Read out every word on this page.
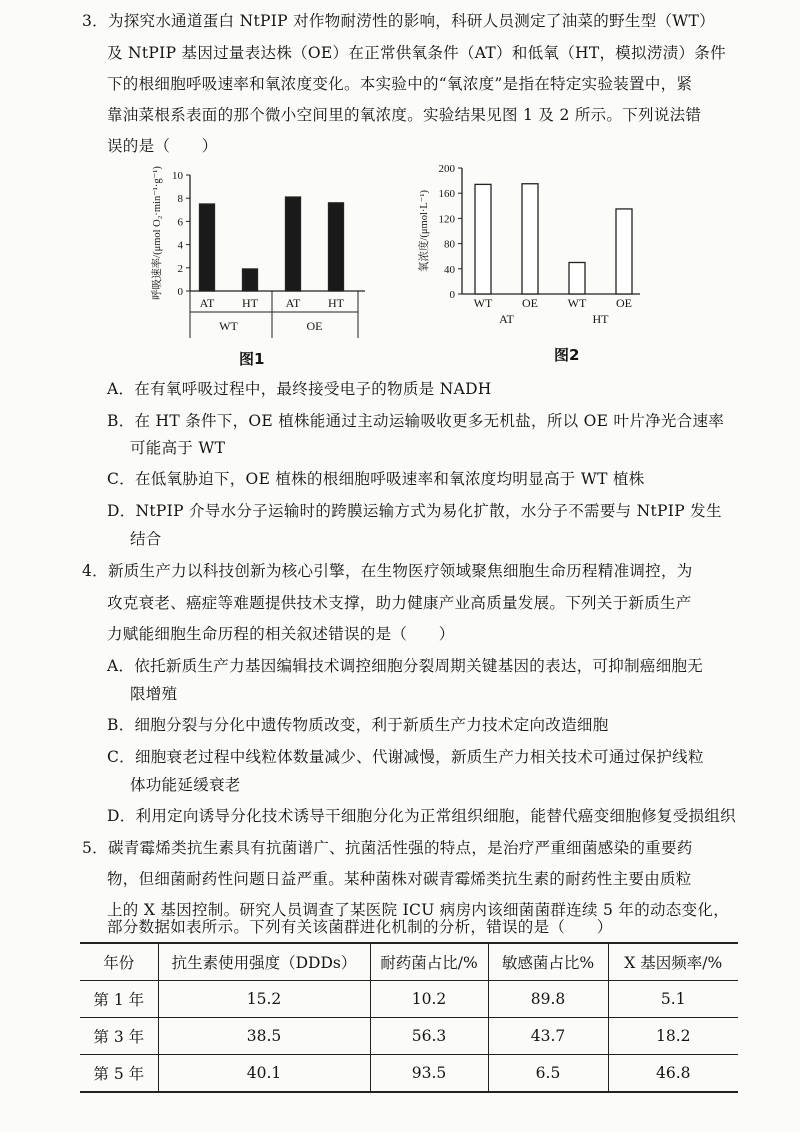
3．为探究水通道蛋白 NtPIP 对作物耐涝性的影响，科研人员测定了油菜的野生型（WT）
及 NtPIP 基因过量表达株（OE）在正常供氧条件（AT）和低氧（HT，模拟涝渍）条件
下的根细胞呼吸速率和氧浓度变化。本实验中的“氧浓度”是指在特定实验装置中，紧
靠油菜根系表面的那个微小空间里的氧浓度。实验结果见图 1 及 2 所示。下列说法错
误的是（　　）
0
2
4
6
8
10
呼吸速率/(μmol O₂·min⁻¹·g⁻¹)
AT HT AT HT
WT	OE
图1
0
40
80
120
160
200
氧浓度/(μmol·L⁻¹)
WT OE WT OE
AT	HT
图2
A．在有氧呼吸过程中，最终接受电子的物质是 NADH
B．在 HT 条件下，OE 植株能通过主动运输吸收更多无机盐，所以 OE 叶片净光合速率
可能高于 WT
C．在低氧胁迫下，OE 植株的根细胞呼吸速率和氧浓度均明显高于 WT 植株
D．NtPIP 介导水分子运输时的跨膜运输方式为易化扩散，水分子不需要与 NtPIP 发生
结合
4．新质生产力以科技创新为核心引擎，在生物医疗领域聚焦细胞生命历程精准调控，为
攻克衰老、癌症等难题提供技术支撑，助力健康产业高质量发展。下列关于新质生产
力赋能细胞生命历程的相关叙述错误的是（　　）
A．依托新质生产力基因编辑技术调控细胞分裂周期关键基因的表达，可抑制癌细胞无
限增殖
B．细胞分裂与分化中遗传物质改变，利于新质生产力技术定向改造细胞
C．细胞衰老过程中线粒体数量减少、代谢减慢，新质生产力相关技术可通过保护线粒
体功能延缓衰老
D．利用定向诱导分化技术诱导干细胞分化为正常组织细胞，能替代癌变细胞修复受损组织
5．碳青霉烯类抗生素具有抗菌谱广、抗菌活性强的特点，是治疗严重细菌感染的重要药
物，但细菌耐药性问题日益严重。某种菌株对碳青霉烯类抗生素的耐药性主要由质粒
上的 X 基因控制。研究人员调查了某医院 ICU 病房内该细菌菌群连续 5 年的动态变化，
部分数据如表所示。下列有关该菌群进化机制的分析，错误的是（　　）
年份	抗生素使用强度（DDDs）	耐药菌占比/%	敏感菌占比%	X 基因频率/%
第 1 年	15.2	10.2	89.8	5.1
第 3 年	38.5	56.3	43.7	18.2
第 5 年	40.1	93.5	6.5	46.8
